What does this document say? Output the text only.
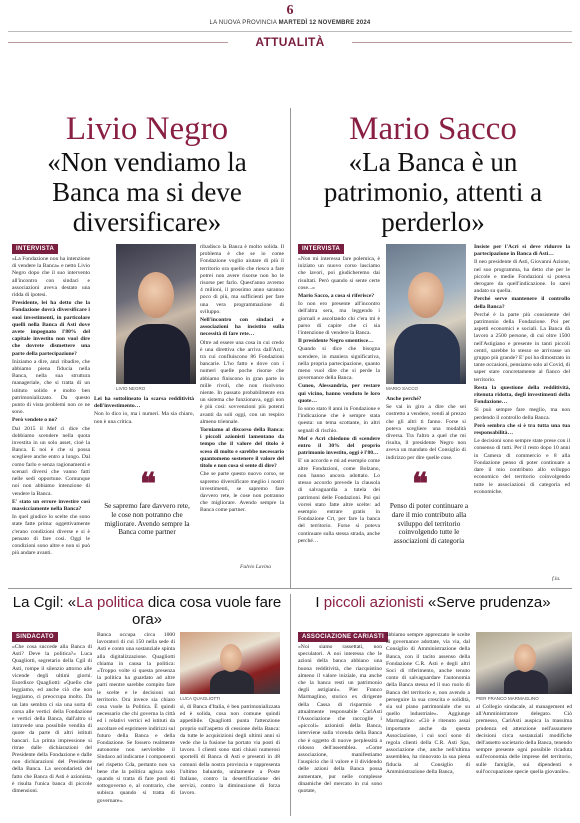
6
LA NUOVA PROVINCIA MARTEDÌ 12 NOVEMBRE 2024
ATTUALITÀ
Livio Negro
«Non vendiamo la Banca ma si deve diversificare»
INTERVISTA

«La Fondazione non ha intenzione di vendere la Banca» e netto Livio Negro dopo che il suo intervento all'incontro con sindaci e associazioni aveva destato una ridda di ipotesi.

Presidente, lei ha detto che la Fondazione dovrà diversificare i suoi investimenti, in particolare quelli nella Banca di Asti dove avete impegnato l'80% del capitale investito non vuol dire che dovrete dismettere una parte della partecipazione?

Iniziamo a dire, anzi ribadire, che abbiamo piena fiducia nella Banca, nella sua struttura manageriale, che si tratta di un istituto solido e molto ben patrimonializzato. Da questo punto di vista problemi non ce ne sono.

Però vendete o no?

Dal 2015 il Mef ci dice che dobbiamo scendere nella quota investita in un solo asset, cioè la Banca. E noi è che si possa scegliere anche entro a lungo. Dal como farlo e senza ragionamenti e scenari diversi che vanno fatti nelle sedi opportune. Comunque noi non abbiamo intenzione di vendere la Banca.

E' stato un errore investire così massicciamente nella Banca?

In quel giudice lo scelte che sono state fatte prima: oggettivamente c'erano condizioni diverse e si è pensato di fare così. Oggi le condizioni sono altre e non si può più andare avanti.

LIVIO NEGRO

Lei ha sottolineato la scarsa redditività dell'investimento…

Non lo dico io, ma i numeri. Ma sia chiaro, non è una critica.

❝
Se sapremo fare davvero rete, le cose non potranno che migliorare. Avendo sempre la Banca come partner

ribadisco la Banca è molto solida. Il problema è che se io come Fondazione voglio aiutare di più il territorio ora quello che riesco a fare potrei non avere risorse non ho le risorse per farlo. Quest'anno avremo 4 milioni, il prossimo anno saranno poco di più, ma sufficienti per fare una vera programmazione di sviluppo.

Nell'incontro con sindaci e associazioni ha insistito sulla necessità di fare rete…

Oltre ad essere una cosa in cui credo è una direttiva che arriva dall'Acri, tra cui confluiscono 86 Fondazioni bancarie. L'ho fatto e dove con i numeri quelle poche risorse che abbiamo finiscono in gran parte in mille rivoli, che non risolvono niente. In passato probabilmente era un sistema che funzionava, oggi non è più così: sovvenzioni più potenti avanti da soli oggi, con un respiro almeno triennale.

Torniamo al discorso della Banca: i piccoli azionisti lamentano da tempo che il valore del titolo è sceso di molto e sarebbe necessario quantomeno sostenere il valore del titolo e non cosa si sente di dire?

Che se parte questo nuovo corso, se sapremo diversificare meglio i nostri investimenti, se sapremo fare davvero rete, le cose non potranno che migliorare. Avendo sempre la Banca come partner.

Fulvio Lavina
Mario Sacco
«La Banca è un patrimonio, attenti a perderlo»
INTERVISTA

«Non mi interessa fare polemica, è iniziato un nuovo corso lasciamo che lavori, poi giudicheremo dai risultati. Però quando si sente certe cose...»

Mario Sacco, a cosa si riferisce?

Io non ero presente all'incontro dell'altra sera, ma leggendo i giornali e ascoltando chi c'era mi è parso di capire che ci sia l'intenzione di vendere la Banca.

Il presidente Negro smentisce…

Quando si dice che bisogna scendere, in maniera significativa, nella propria partecipazione, quanto meno vuol dire che si perde la governance della Banca.

Cuneo, Alessandria, per restare qui vicino, hanno venduto le loro quote…

Io sono stato 8 anni in Fondazione e l'indicazione che è sempre stata questa: un tema scottante, in altri segnali di rischio.

Mef e Acri chiedono di scendere entro il 30% del proprio patrimonio investito, oggi è l'80…

E' un accordo e mi ad esempio come altre Fondazioni, come Bolzano, non hanno ancora adottato. Lo stesso accordo prevede la clausola di salvaguardia a tutela dei patrimoni delle Fondazioni. Poi qui vorrei stato fatte altre scelte: ad esempio entrare gratis in Fondazione Crt, per fare la banca del territorio. Forse si poteva continuare sulla stessa strada, anche perché…

MARIO SACCO

Anche perché?

Se vai in giro a dire che sei costretto a vendere, vendi al prezzo che gli altri ti fanno. Forse si poteva scegliere una modalità diversa. Tra l'altro a quel che mi risulta, il presidente Negro non aveva un mandato del Consiglio di indirizzo per dire quelle cose.

❝
Penso di poter continuare a dare il mio contributo alla sviluppo del territorio coinvolgendo tutte le associazioni di categoria

Insiste per l'Acri si deve ridurre la partecipazione in Banca di Asti…

Il neo presidente di Asti, Giovanni Azione, nel suo programma, ha detto che per le piccole e medie Fondazioni si poteva derogare da quell'indicazione. Io sarei andato su quella.

Perché serve mantenere il controllo della Banca?

Perché è la parte più consistente del patrimonio della Fondazione. Poi per aspetti economici e sociali. La Banca dà lavoro a 2500 persone, di cui oltre 1500 nell'Astigiano e presente in tanti piccoli centri, sarebbe lo stesso se arrivasse un gruppo più grande? E' poi ha dimostrato in tante occasioni, pensiamo solo al Covid, di saper stare concretamente al fianco del territorio.

Resta la questione della redditività, ritenuta ridotta, degli investimenti della Fondazione…

Si può sempre fare meglio, ma non perdendo il controllo della Banca.

Però sembra che si è tra tutta una tua responsabilità…

Le decisioni sono sempre state prese con il consenso di tutti. Per il resto dopo 10 anni in Camera di commercio e 8 alla Fondazione penso di poter continuare a dare il mio contributo allo sviluppo economico del territorio coinvolgendo tutte le associazioni di categoria ed economiche.

f.la.
La Cgil: «La politica dica cosa vuole fare ora»
SINDACATO
«Che cosa succede alla Banca di Asti? Deve la politica?» Luca Quagliotti, segretario della Cgil di Asti, rompe il silenzio attorno alle vicende degli ultimi giorni. Esordisce Quagliotti: «Quello che leggiamo, ed anche ciò che non leggiamo, ci preoccupa molto. Da un lato sembra ci sia una sorta di corsa alle vertici della Fondazione e vertici della Banca, dall'altro si intravede una possibile vendita di quote da parte di altri istituti bancari. La prima impressione si ritrae dalle dichiarazioni del Presidente della Fondazione e dalle non dichiarazioni del Presidente della Banca. La secondarietà del fatto che Banca di Asti è azionista, è risulta l'unica banca di piccole dimensioni.
Banca occupa circa 1000 lavoratori di cui 150 nella sede di Asti e conto una sostanziale spinta alla digitalizzazione. Quagliotti chiama in causa la politica: «Troppo volte si questa presenza la politica ha guardato ad altre parti mentre sarebbe compito fare le scelte e le decisioni sul territorio. Ora invece sia chiaro cosa vuole la Politica. È quindi necessario che chi governa la città ed i relativi vertici ed istituti da ascoltare ed esprimere indirizzi sul futuro della Banca e della Fondazione. Se fossero realmente autonome non servirebbe il Sindaco ad indicarne i componenti nel rispetto Cda, pertanto non va bene che la politica agisca solo quando si tratta di fare posti di sottogoverno e, al contrario, che subisca quando si tratta di governare».
LUCA QUAGLIOTTI
sì, di Banca d'Italia, è ben patrimonializzata ed è solida, cosa non comune quindi appetibile. Quagliotti punta l'attenzione proprio sull'aspetto di cessione della Banca: da tutte le acquisizioni degli ultimi anni si vede che la fusione ha portato via posti di lavoro. I clienti sono stati chiusi numerosi sportelli di Banca di Asti e presenti in 48 comuni della nostra provincia e rappresenta l'ultimo baluardo, unitamente a Poste Italiane, contro la desertificazione dei servizi, contro la diminuzione di forza lavoro.
I piccoli azionisti «Serve prudenza»
ASSOCIAZIONE CARIASTI
«Noi siamo rassettati, non speculatori. A noi interessa che le azioni della banca abbiano una buona redditività, che riacquistino almeno il valore iniziale, ma anche che la banca resti un patrimonio degli astigiani». Pier Franco Marmaglino, storico ex dirigente della Cassa di risparmio e attualmente responsabile CariAsti l'Associazione che raccoglie i «piccoli» azionisti della Banca, interviene sulla vicenda della Banca che è oggetto di nuove perplessità a ridosso dell'assemblea. «Come associazione, manifestiamo l'auspicio che il valore e il dividendo delle azioni della Banca possa aumentare, pur nelle complesse dinamiche del mercato in cui sono quotate,
abbiamo sempre apprezzato le scelte di governance adottate, via via, dal Consiglio di Amministrazione della Banca, con il tacito assenso della Fondazione C.R. Asti e degli altri Soci di riferimento, anche tenuto conto di salvaguardare l'autonomia della Banca stessa ed il suo ruolo di Banca del territorio e, non avendo a perseguire la sua crescita e solidità, sia sul piano patrimoniale che su quello industriale». Aggiunge Marmaglino: «Ciò è ritenuto assai importante anche da questa Associazione, i cui soci sono di regola clienti della C.R. Asti Spa, associazione che, anche nell'ultima assemblea, ha rinnovato la sua piena fiducia al Consiglio di Amministrazione della Banca,
PIER FRANCO MARMAGLINO
al Collegio sindacale, al management ed all'Amministratore delegato. Ciò premesso, CariAsti auspica la massima prudenza ed attenzione nell'assumere decisioni circa sostanziali modifiche dell'assetto societario della Banca, tenendo sempre presente ogni possibile ricaduta sull'economia delle imprese del territorio, sulle famiglie, sui dipendenti e sull'occupazione specie quella giovanile».
